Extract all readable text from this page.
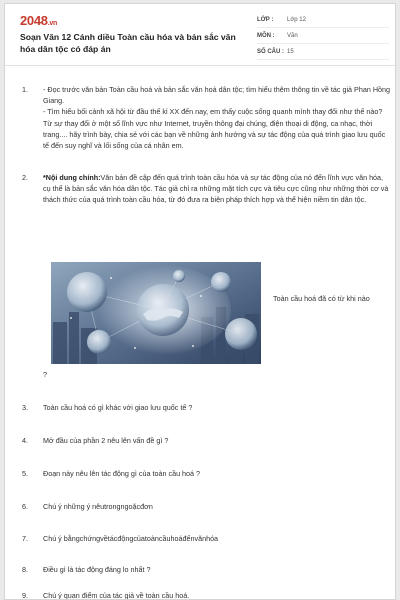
2048.vn
Soạn Văn 12 Cánh diều Toàn cầu hóa và bản sắc văn hóa dân tộc có đáp án
LỚP :	Lớp 12
MÔN :	Văn
SỐ CÂU : 15
1. - Đọc trước văn bản Toàn cầu hoá và bản sắc văn hoá dân tộc; tìm hiểu thêm thông tin về tác giả Phan Hồng Giang.

- Tìm hiểu bối cảnh xã hội từ đầu thế kỉ XX đến nay, em thấy cuộc sống quanh mình thay đổi như thế nào? Từ sự thay đổi ở một số lĩnh vực như Internet, truyền thông đại chúng, điện thoại di động, ca nhạc, thời trang.... hãy trình bày, chia sẻ với các bạn về những ảnh hưởng và sự tác động của quá trình giao lưu quốc tế đến suy nghĩ và lối sống của cá nhân em.

2. *Nội dung chính:Văn bản đề cập đến quá trình toàn cầu hóa và sự tác động của nó đến lĩnh vực văn hóa, cụ thể là bản sắc văn hóa dân tộc. Tác giả chỉ ra những mặt tích cực và tiêu cực cũng như những thời cơ và thách thức của quá trình toàn cầu hóa, từ đó đưa ra biện pháp thích hợp và thể hiện niềm tin dân tộc.

Toàn cầu hoá đã có từ khi nào
?
3. Toàn cầu hoá có gì khác với giao lưu quốc tế ?
4. Mở đầu của phần 2 nêu lên vấn đề gì ?
5. Đoạn này nêu lên tác động gì của toàn cầu hoá ?
6. Chú ý những ý nêutrongngoặcđơn
7. Chú ý bằngchứngvềtácđộngcủatoàncầuhoáđếnvănhóa
8. Điều gì là tác động đáng lo nhất ?
9. Chú ý quan điểm của tác giả về toàn cầu hoá.
